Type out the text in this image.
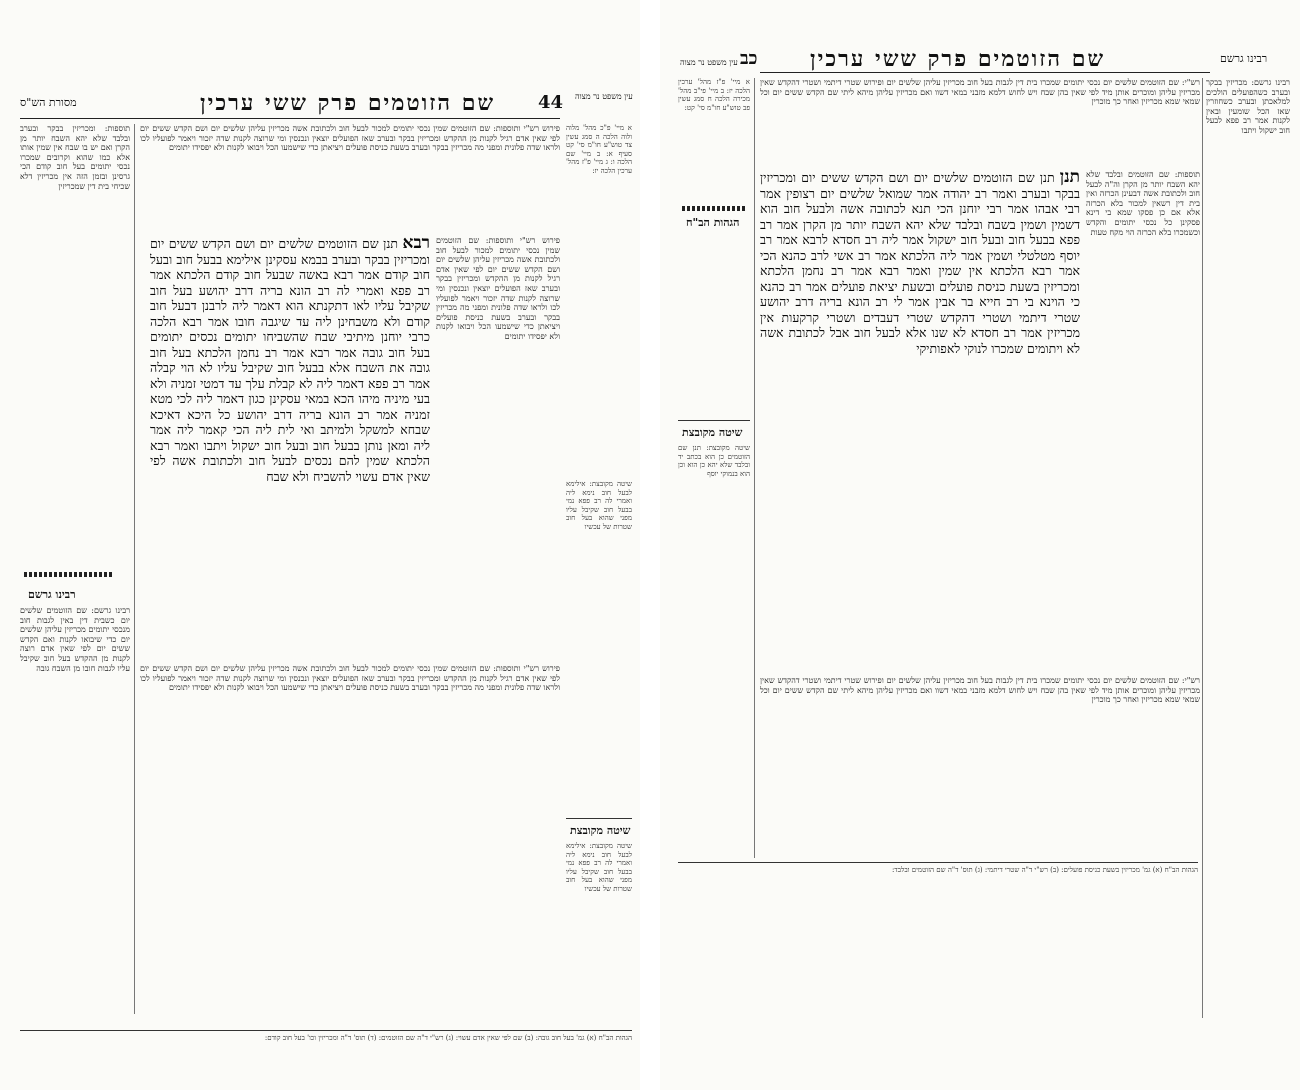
מסורת הש"ס	שם הזוטמים פרק ששי ערכין 44 עין משפט נר מצוה

תוספות: ומכריזין בבקר ובערב ובלבד שלא יהא השבח יותר מן הקרן ואם יש בו שבח אין שמין אותו אלא כמו שהוא וקרובים שמכרו נכסי יתומים בעל חוב קודם הכי גרסינן ובזמן הזה אין מכריזין דלא שכיחי בית דין שמכריזין

פירוש רש"י ותוספות: שם הזוטמים שמין נכסי יתומים למכור לבעל חוב ולכתובת אשה מכריזין עליהן שלשים יום ושם הקדש ששים יום לפי שאין אדם רגיל לקנות מן ההקדש ומכריזין בבקר ובערב שאז הפועלים יוצאין ונכנסין ומי שרוצה לקנות שדה יזכור ויאמר לפועליו לכו ולראו שדה פלונית ומפני מה מכריזין בבקר ובערב בשעת כניסת פועלים ויציאתן כדי שישמעו הכל ויבואו לקנות ולא יפסידו יתומים

רבא תנן שם הזוטמים שלשים יום ושם הקדש ששים יום ומכריזין בבקר ובערב בבמא עסקינן אילימא בבעל חוב ובעל חוב קודם אמר רבא באשה שבעל חוב קודם הלכתא אמר רב פפא ואמרי לה רב הונא בריה דרב יהושע בעל חוב שקיבל עליו לאו דתקנתא הוא דאמר ליה לרבנן דבעל חוב קודם ולא משבחינן ליה עד שיגבה חובו אמר רבא הלכה כרבי יוחנן מיתיבי שבח שהשביחו יתומים נכסים יתומים בעל חוב גובה אמר רבא אמר רב נחמן הלכתא בעל חוב גובה את השבח אלא בבעל חוב שקיבל עליו לא הוי קבלה אמר רב פפא דאמר ליה לא קבלת עלך עד דמטי זמניה ולא בעי מיניה מיהו הכא במאי עסקינן כגון דאמר ליה לכי מטא זמניה אמר רב הונא בריה דרב יהושע כל היכא דאיכא שבחא למשקל ולמיתב ואי לית ליה הכי קאמר ליה אמר ליה ומאן נותן בבעל חוב ובעל חוב ישקול ויתבו ואמר רבא הלכתא שמין להם נכסים לבעל חוב ולכתובת אשה לפי שאין אדם עשוי להשביח ולא שבח

פירוש רש"י ותוספות: שם הזוטמים שמין נכסי יתומים למכור לבעל חוב ולכתובת אשה מכריזין עליהן שלשים יום ושם הקדש ששים יום לפי שאין אדם רגיל לקנות מן ההקדש ומכריזין בבקר ובערב שאז הפועלים יוצאין ונכנסין ומי שרוצה לקנות שדה יזכור ויאמר לפועליו לכו ולראו שדה פלונית ומפני מה מכריזין בבקר ובערב בשעת כניסת פועלים ויציאתן כדי שישמעו הכל ויבואו לקנות ולא יפסידו יתומים

א מיי' פ"כ מהל' מלוה ולוה הלכה ה סמג עשין צד טוש"ע חו"מ סי' קט סעיף א: ב מיי' שם הלכה ו: ג מיי' פ"ז מהל' ערכין הלכה יז:

שיטה מקובצת: אילימא לבעל חוב נימא ליה ואמרי לה רב פפא נמי בבעל חוב שקיבל עליו מפני שהוא בעל חוב שטרות של עכשיו

רבינו גרשם

רבינו גרשם: שם הזוטמים שלשים יום כשבית דין באין לגבות חוב מנכסי יתומים מכריזין עליהן שלשים יום כדי שיבואו לקנות ואם הקדש ששים יום לפי שאין אדם רוצה לקנות מן ההקדש בעל חוב שקיבל עליו לגבות חובו מן השבח גובה פירוש רש"י ותוספות: שם הזוטמים שמין נכסי יתומים למכור לבעל חוב ולכתובת אשה מכריזין עליהן שלשים יום ושם הקדש ששים יום לפי שאין אדם רגיל לקנות מן ההקדש ומכריזין בבקר ובערב שאז הפועלים יוצאין ונכנסין ומי שרוצה לקנות שדה יזכור ויאמר לפועליו לכו ולראו שדה פלונית ומפני מה מכריזין בבקר ובערב בשעת כניסת פועלים ויציאתן כדי שישמעו הכל ויבואו לקנות ולא יפסידו יתומים

שיטה מקובצת

שיטה מקובצת: אילימא לבעל חוב נימא ליה ואמרי לה רב פפא נמי בבעל חוב שקיבל עליו מפני שהוא בעל חוב שטרות של עכשיו

הגהות הב"ח (א) גמ' בעל חוב גובה: (ב) שם לפי שאין אדם עשוי: (ג) רש"י ד"ה שם הזוטמים: (ד) תוס' ד"ה ומכריזין וכו' בעל חוב קודם:

עין משפט נר מצוה כב שם הזוטמים פרק ששי ערכין	רבינו גרשם

א מיי' פ"ז מהל' ערכין הלכה יז: ב מיי' פי"ב מהל' מכירה הלכה ח סמג עשין פב טוש"ע חו"מ סי' קט:

הגהות הב"ח

רש"י: שם הזוטמים שלשים יום נכסי יתומים שמכרו בית דין לגבות בעל חוב מכריזין עליהן שלשים יום ופירוש שטרי דיתמי ושטרי דהקדש שאין מכריזין עליהן ומוכרים אותן מיד לפי שאין בהן שבח ויש לחוש דלמא מזבני במאי דשוו ואם מכריזין עליהן מיהא ליתי שם הקדש ששים יום וכל שמאי שמא מכריזין ואחר כך מוכרין

תנן תנן שם הזוטמים שלשים יום ושם הקדש ששים יום ומכריזין בבקר ובערב ואמר רב יהודה אמר שמואל שלשים יום רצופין אמר רבי אבהו אמר רבי יוחנן הכי תנא לכתובה אשה ולבעל חוב הוא דשמין ושמין בשבח ובלבד שלא יהא השבח יותר מן הקרן אמר רב פפא בבעל חוב ובעל חוב ישקול אמר ליה רב חסדא לרבא אמר רב יוסף מטלטלי ושמין אמר ליה הלכתא אמר רב אשי לרב כהנא הכי אמר רבא הלכתא אין שמין ואמר רבא אמר רב נחמן הלכתא ומכריזין בשעת כניסת פועלים ובשעת יציאת פועלים אמר רב כהנא כי הוינא בי רב חייא בר אבין אמר לי רב הונא בריה דרב יהושע שטרי דיתמי ושטרי דהקדש שטרי דעבדים ושטרי קרקעות אין מכריזין אמר רב חסדא לא שנו אלא לבעל חוב אבל לכתובת אשה לא ויתומים שמכרו לנוקי לאפותיקי

תוספות: שם הזוטמים ובלבד שלא יהא השבח יותר מן הקרן וה"ה לבעל חוב ולכתובת אשה דבעינן הכרזה ואין בית דין רשאין למכור בלא הכרזה אלא אם כן פסקו שמא בי דינא פסקינן כל נכסי יתומים והקדש וכשמכרו בלא הכרזה הוי מקח טעות

רבינו גרשם: מכריזין בבקר ובערב כשהפועלים הולכים למלאכתן ובערב כשחוזרין שאז הכל שומעין ובאין לקנות אמר רב פפא לבעל חוב ישקול ויתבו

שיטה מקובצת

שיטה מקובצת: תנן שם הזוטמים כן הוא בכתב יד ובלבד שלא יהא כן הוא וכן הוא בנמוקי יוסף

רש"י: שם הזוטמים שלשים יום נכסי יתומים שמכרו בית דין לגבות בעל חוב מכריזין עליהן שלשים יום ופירוש שטרי דיתמי ושטרי דהקדש שאין מכריזין עליהן ומוכרים אותן מיד לפי שאין בהן שבח ויש לחוש דלמא מזבני במאי דשוו ואם מכריזין עליהן מיהא ליתי שם הקדש ששים יום וכל שמאי שמא מכריזין ואחר כך מוכרין

הגהות הב"ח (א) גמ' מכריזין בשעת כניסת פועלים: (ב) רש"י ד"ה שטרי דיתמי: (ג) תוס' ד"ה שם הזוטמים ובלבד:
